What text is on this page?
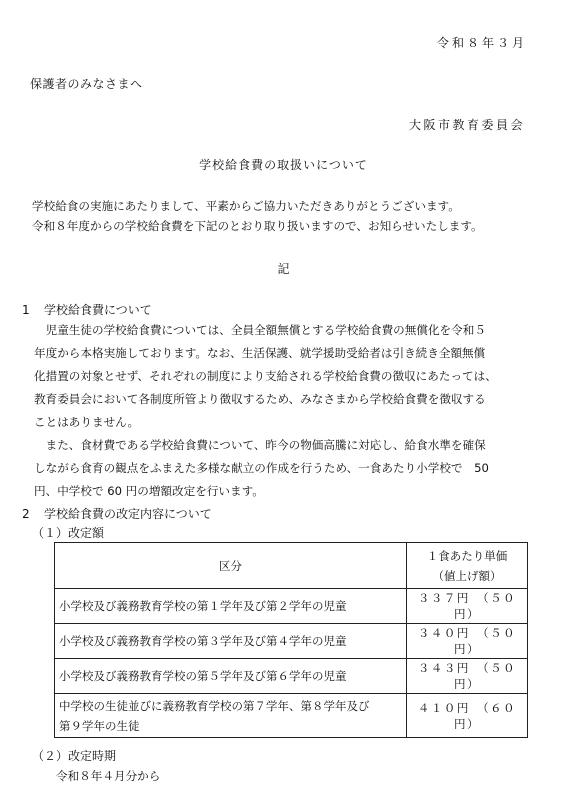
令和８年３月
保護者のみなさまへ
大阪市教育委員会
学校給食費の取扱いについて
学校給食の実施にあたりまして、平素からご協力いただきありがとうございます。
令和８年度からの学校給食費を下記のとおり取り扱いますので、お知らせいたします。
記
1 学校給食費について
　児童生徒の学校給食費については、全員全額無償とする学校給食費の無償化を令和５
年度から本格実施しております。なお、生活保護、就学援助受給者は引き続き全額無償
化措置の対象とせず、それぞれの制度により支給される学校給食費の徴収にあたっては、
教育委員会において各制度所管より徴収するため、みなさまから学校給食費を徴収する
ことはありません。
　また、食材費である学校給食費について、昨今の物価高騰に対応し、給食水準を確保
しながら食育の観点をふまえた多様な献立の作成を行うため、一食あたり小学校で　50
円、中学校で 60 円の増額改定を行います。
2 学校給食費の改定内容について
（１）改定額
区分	１食あたり単価
（値上げ額）

小学校及び義務教育学校の第１学年及び第２学年の児童	３３７円　（５０円）
小学校及び義務教育学校の第３学年及び第４学年の児童	３４０円　（５０円）
小学校及び義務教育学校の第５学年及び第６学年の児童	３４３円　（５０円）

中学校の生徒並びに義務教育学校の第７学年、第８学年及び
第９学年の生徒	４１０円　（６０円）
（２）改定時期
令和８年４月分から
